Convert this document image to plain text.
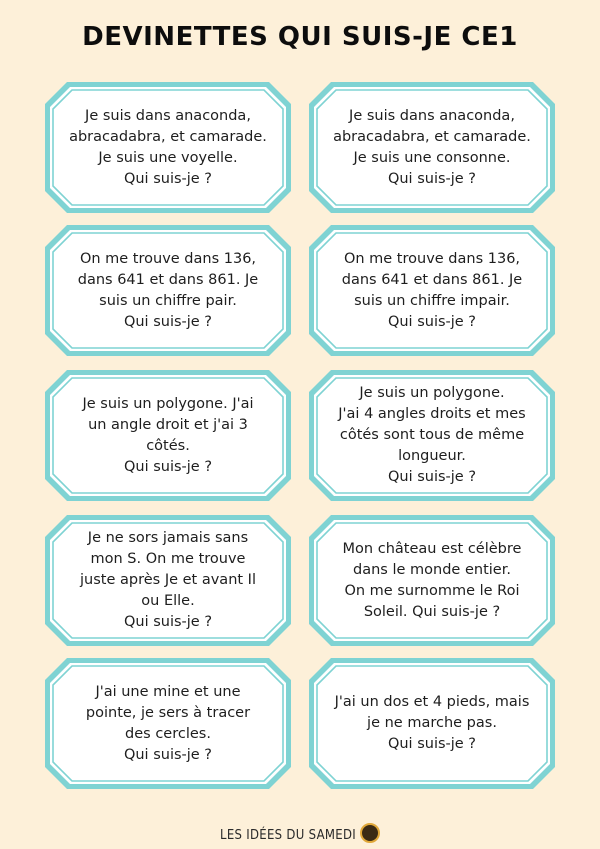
DEVINETTES QUI SUIS-JE CE1
Je suis dans anaconda,
abracadabra, et camarade.
Je suis une voyelle.
Qui suis-je ?
Je suis dans anaconda,
abracadabra, et camarade.
Je suis une consonne.
Qui suis-je ?
On me trouve dans 136,
dans 641 et dans 861. Je
suis un chiffre pair.
Qui suis-je ?
On me trouve dans 136,
dans 641 et dans 861. Je
suis un chiffre impair.
Qui suis-je ?
Je suis un polygone. J'ai
un angle droit et j'ai 3
côtés.
Qui suis-je ?
Je suis un polygone.
J'ai 4 angles droits et mes
côtés sont tous de même
longueur.
Qui suis-je ?
Je ne sors jamais sans
mon S. On me trouve
juste après Je et avant Il
ou Elle.
Qui suis-je ?
Mon château est célèbre
dans le monde entier.
On me surnomme le Roi
Soleil. Qui suis-je ?
J'ai une mine et une
pointe, je sers à tracer
des cercles.
Qui suis-je ?
J'ai un dos et 4 pieds, mais
je ne marche pas.
Qui suis-je ?
LES IDÉES DU SAMEDI
